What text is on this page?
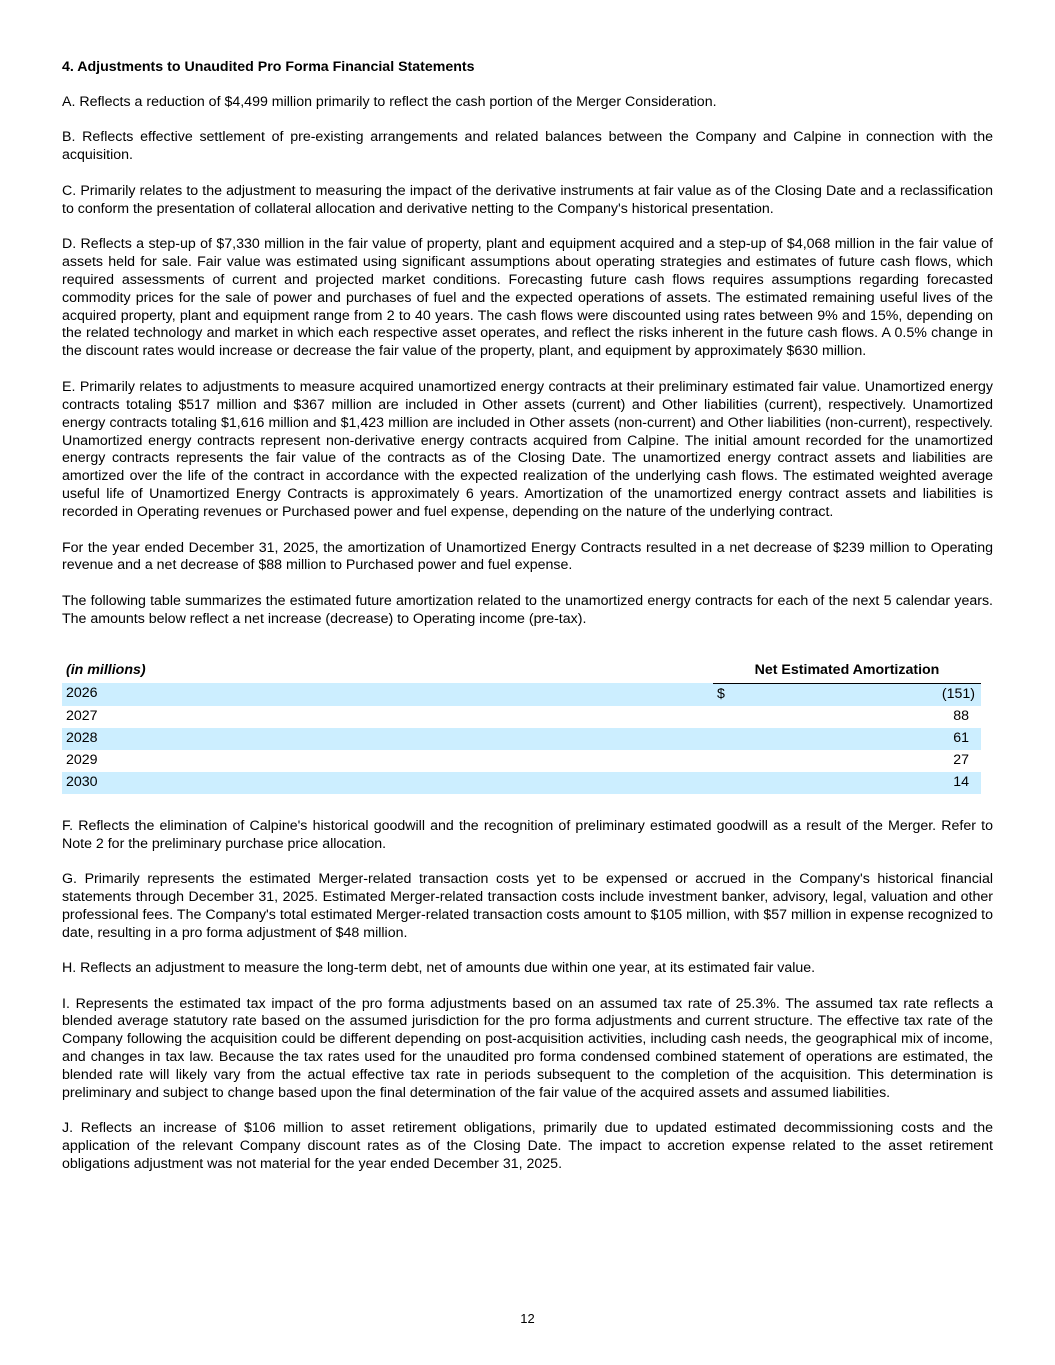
4. Adjustments to Unaudited Pro Forma Financial Statements

A. Reflects a reduction of $4,499 million primarily to reflect the cash portion of the Merger Consideration.

B. Reflects effective settlement of pre-existing arrangements and related balances between the Company and Calpine in connection with the acquisition.

C. Primarily relates to the adjustment to measuring the impact of the derivative instruments at fair value as of the Closing Date and a reclassification to conform the presentation of collateral allocation and derivative netting to the Company's historical presentation.

D. Reflects a step-up of $7,330 million in the fair value of property, plant and equipment acquired and a step-up of $4,068 million in the fair value of assets held for sale. Fair value was estimated using significant assumptions about operating strategies and estimates of future cash flows, which required assessments of current and projected market conditions. Forecasting future cash flows requires assumptions regarding forecasted commodity prices for the sale of power and purchases of fuel and the expected operations of assets. The estimated remaining useful lives of the acquired property, plant and equipment range from 2 to 40 years. The cash flows were discounted using rates between 9% and 15%, depending on the related technology and market in which each respective asset operates, and reflect the risks inherent in the future cash flows. A 0.5% change in the discount rates would increase or decrease the fair value of the property, plant, and equipment by approximately $630 million.

E. Primarily relates to adjustments to measure acquired unamortized energy contracts at their preliminary estimated fair value. Unamortized energy contracts totaling $517 million and $367 million are included in Other assets (current) and Other liabilities (current), respectively. Unamortized energy contracts totaling $1,616 million and $1,423 million are included in Other assets (non-current) and Other liabilities (non-current), respectively. Unamortized energy contracts represent non-derivative energy contracts acquired from Calpine. The initial amount recorded for the unamortized energy contracts represents the fair value of the contracts as of the Closing Date. The unamortized energy contract assets and liabilities are amortized over the life of the contract in accordance with the expected realization of the underlying cash flows. The estimated weighted average useful life of Unamortized Energy Contracts is approximately 6 years. Amortization of the unamortized energy contract assets and liabilities is recorded in Operating revenues or Purchased power and fuel expense, depending on the nature of the underlying contract.

For the year ended December 31, 2025, the amortization of Unamortized Energy Contracts resulted in a net decrease of $239 million to Operating revenue and a net decrease of $88 million to Purchased power and fuel expense.

The following table summarizes the estimated future amortization related to the unamortized energy contracts for each of the next 5 calendar years. The amounts below reflect a net increase (decrease) to Operating income (pre-tax).

(in millions)	Net Estimated Amortization
2026	$ (151)

2027	88

2028	61

2029	27

2030	14

F. Reflects the elimination of Calpine's historical goodwill and the recognition of preliminary estimated goodwill as a result of the Merger. Refer to Note 2 for the preliminary purchase price allocation.

G. Primarily represents the estimated Merger-related transaction costs yet to be expensed or accrued in the Company's historical financial statements through December 31, 2025. Estimated Merger-related transaction costs include investment banker, advisory, legal, valuation and other professional fees. The Company's total estimated Merger-related transaction costs amount to $105 million, with $57 million in expense recognized to date, resulting in a pro forma adjustment of $48 million.

H. Reflects an adjustment to measure the long-term debt, net of amounts due within one year, at its estimated fair value.

I. Represents the estimated tax impact of the pro forma adjustments based on an assumed tax rate of 25.3%. The assumed tax rate reflects a blended average statutory rate based on the assumed jurisdiction for the pro forma adjustments and current structure. The effective tax rate of the Company following the acquisition could be different depending on post-acquisition activities, including cash needs, the geographical mix of income, and changes in tax law. Because the tax rates used for the unaudited pro forma condensed combined statement of operations are estimated, the blended rate will likely vary from the actual effective tax rate in periods subsequent to the completion of the acquisition. This determination is preliminary and subject to change based upon the final determination of the fair value of the acquired assets and assumed liabilities.

J. Reflects an increase of $106 million to asset retirement obligations, primarily due to updated estimated decommissioning costs and the application of the relevant Company discount rates as of the Closing Date. The impact to accretion expense related to the asset retirement obligations adjustment was not material for the year ended December 31, 2025.

12
